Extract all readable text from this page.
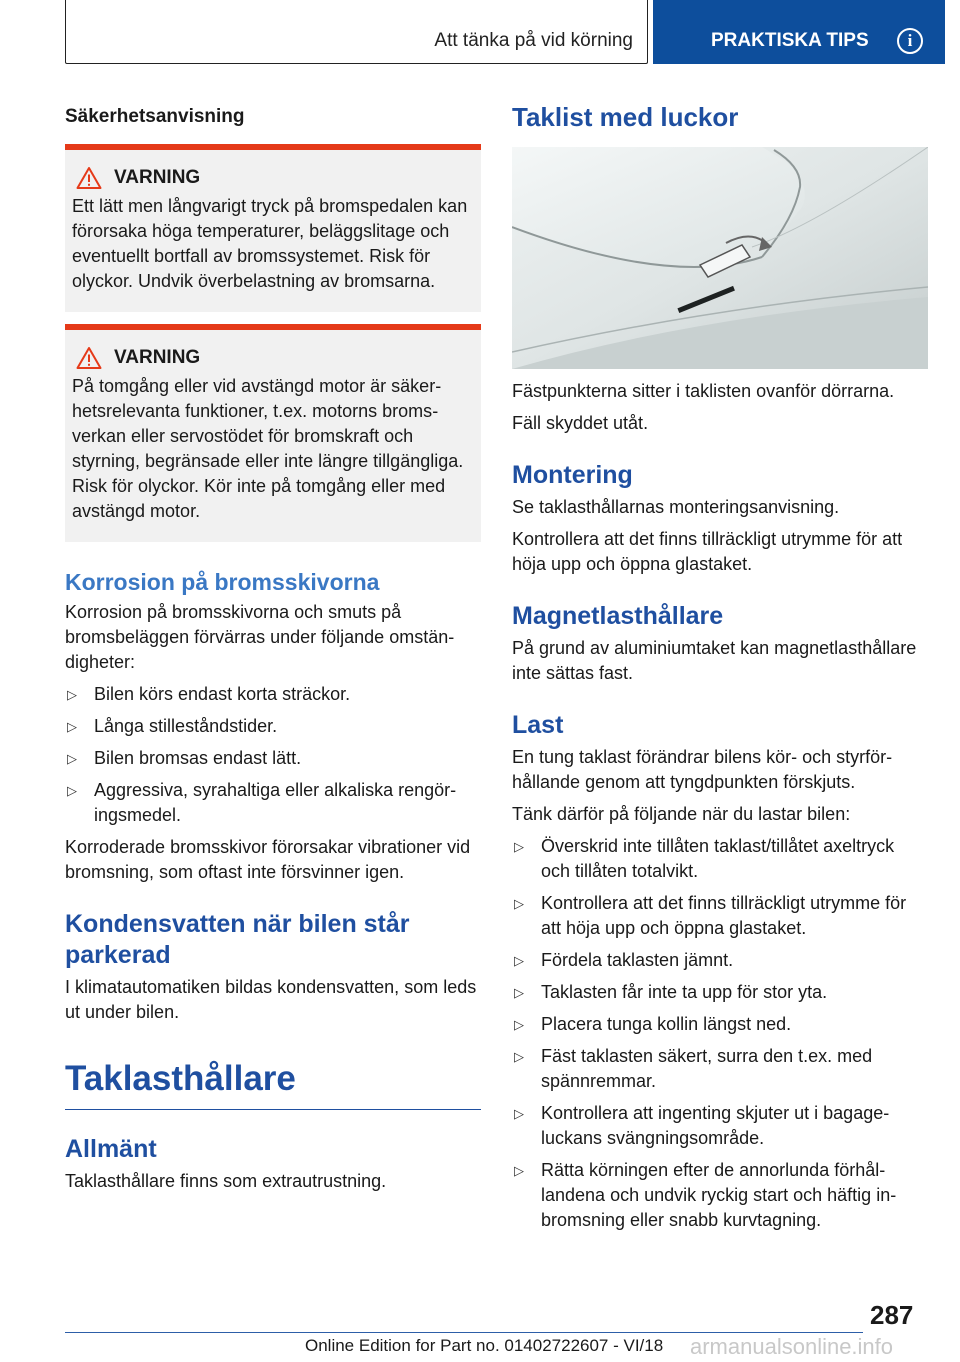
Att tänka på vid körning	PRAKTISKA TIPS	i
Säkerhetsanvisning
VARNING
Ett lätt men långvarigt tryck på bromspedalen kan förorsaka höga temperaturer, beläggslitage och eventuellt bortfall av bromssystemet. Risk för olyckor. Undvik överbelastning av bromsarna.
VARNING
På tomgång eller vid avstängd motor är säkerhetsrelevanta funktioner, t.ex. motorns bromsverkan eller servostödet för bromskraft och styrning, begränsade eller inte längre tillgängliga. Risk för olyckor. Kör inte på tomgång eller med avstängd motor.
Korrosion på bromsskivorna

Korrosion på bromsskivorna och smuts på bromsbeläggen förvärras under följande omständigheter:

▷ Bilen körs endast korta sträckor.
▷ Långa stilleståndstider.
▷ Bilen bromsas endast lätt.
▷ Aggressiva, syrahaltiga eller alkaliska rengöringsmedel.

Korroderade bromsskivor förorsakar vibrationer vid bromsning, som oftast inte försvinner igen.

Kondensvatten när bilen står parkerad

I klimatautomatiken bildas kondensvatten, som leds ut under bilen.

Taklasthållare
Allmänt

Taklasthållare finns som extrautrustning.

Taklist med luckor

Fästpunkterna sitter i taklisten ovanför dörrarna.

Fäll skyddet utåt.

Montering

Se taklasthållarnas monteringsanvisning.

Kontrollera att det finns tillräckligt utrymme för att höja upp och öppna glastaket.

Magnetlasthållare

På grund av aluminiumtaket kan magnetlasthållare inte sättas fast.

Last

En tung taklast förändrar bilens kör- och styrförhållande genom att tyngdpunkten förskjuts.

Tänk därför på följande när du lastar bilen:

▷ Överskrid inte tillåten taklast/tillåtet axeltryck och tillåten totalvikt.
▷ Kontrollera att det finns tillräckligt utrymme för att höja upp och öppna glastaket.
▷ Fördela taklasten jämnt.
▷ Taklasten får inte ta upp för stor yta.
▷ Placera tunga kollin längst ned.
▷ Fäst taklasten säkert, surra den t.ex. med spännremmar.
▷ Kontrollera att ingenting skjuter ut i bagageluckans svängningsområde.
▷ Rätta körningen efter de annorlunda förhållandena och undvik ryckig start och häftig inbromsning eller snabb kurvtagning.
287
Online Edition for Part no. 01402722607 - VI/18 armanualsonline.info
